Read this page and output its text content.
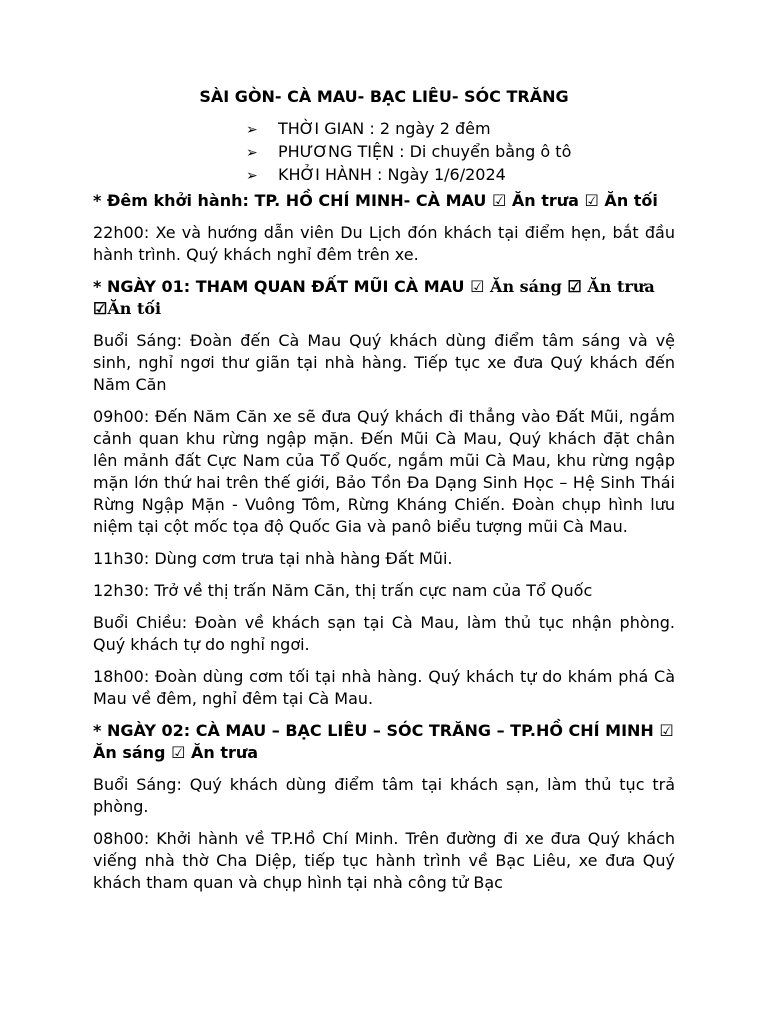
SÀI GÒN- CÀ MAU- BẠC LIÊU- SÓC TRĂNG
➢	THỜI GIAN : 2 ngày 2 đêm
➢	PHƯƠNG TIỆN : Di chuyển bằng ô tô
➢	KHỞI HÀNH : Ngày 1/6/2024
* Đêm khởi hành: TP. HỒ CHÍ MINH- CÀ MAU ☑ Ăn trưa ☑ Ăn tối

22h00: Xe và hướng dẫn viên Du Lịch đón khách tại điểm hẹn, bắt đầu hành trình. Quý khách nghỉ đêm trên xe.

* NGÀY 01: THAM QUAN ĐẤT MŨI CÀ MAU ☑ Ăn sáng ☑ Ăn trưa ☑Ăn tối

Buổi Sáng: Đoàn đến Cà Mau Quý khách dùng điểm tâm sáng và vệ sinh, nghỉ ngơi thư giãn tại nhà hàng. Tiếp tục xe đưa Quý khách đến Năm Căn

09h00: Đến Năm Căn xe sẽ đưa Quý khách đi thẳng vào Đất Mũi, ngắm cảnh quan khu rừng ngập mặn. Đến Mũi Cà Mau, Quý khách đặt chân lên mảnh đất Cực Nam của Tổ Quốc, ngắm mũi Cà Mau, khu rừng ngập mặn lớn thứ hai trên thế giới, Bảo Tồn Đa Dạng Sinh Học – Hệ Sinh Thái Rừng Ngập Mặn - Vuông Tôm, Rừng Kháng Chiến. Đoàn chụp hình lưu niệm tại cột mốc tọa độ Quốc Gia và panô biểu tượng mũi Cà Mau.

11h30: Dùng cơm trưa tại nhà hàng Đất Mũi.

12h30: Trở về thị trấn Năm Căn, thị trấn cực nam của Tổ Quốc

Buổi Chiều: Đoàn về khách sạn tại Cà Mau, làm thủ tục nhận phòng. Quý khách tự do nghỉ ngơi.

18h00: Đoàn dùng cơm tối tại nhà hàng. Quý khách tự do khám phá Cà Mau về đêm, nghỉ đêm tại Cà Mau.

* NGÀY 02: CÀ MAU – BẠC LIÊU – SÓC TRĂNG – TP.HỒ CHÍ MINH ☑ Ăn sáng ☑ Ăn trưa

Buổi Sáng: Quý khách dùng điểm tâm tại khách sạn, làm thủ tục trả phòng.

08h00: Khởi hành về TP.Hồ Chí Minh. Trên đường đi xe đưa Quý khách viếng nhà thờ Cha Diệp, tiếp tục hành trình về Bạc Liêu, xe đưa Quý khách tham quan và chụp hình tại nhà công tử Bạc
